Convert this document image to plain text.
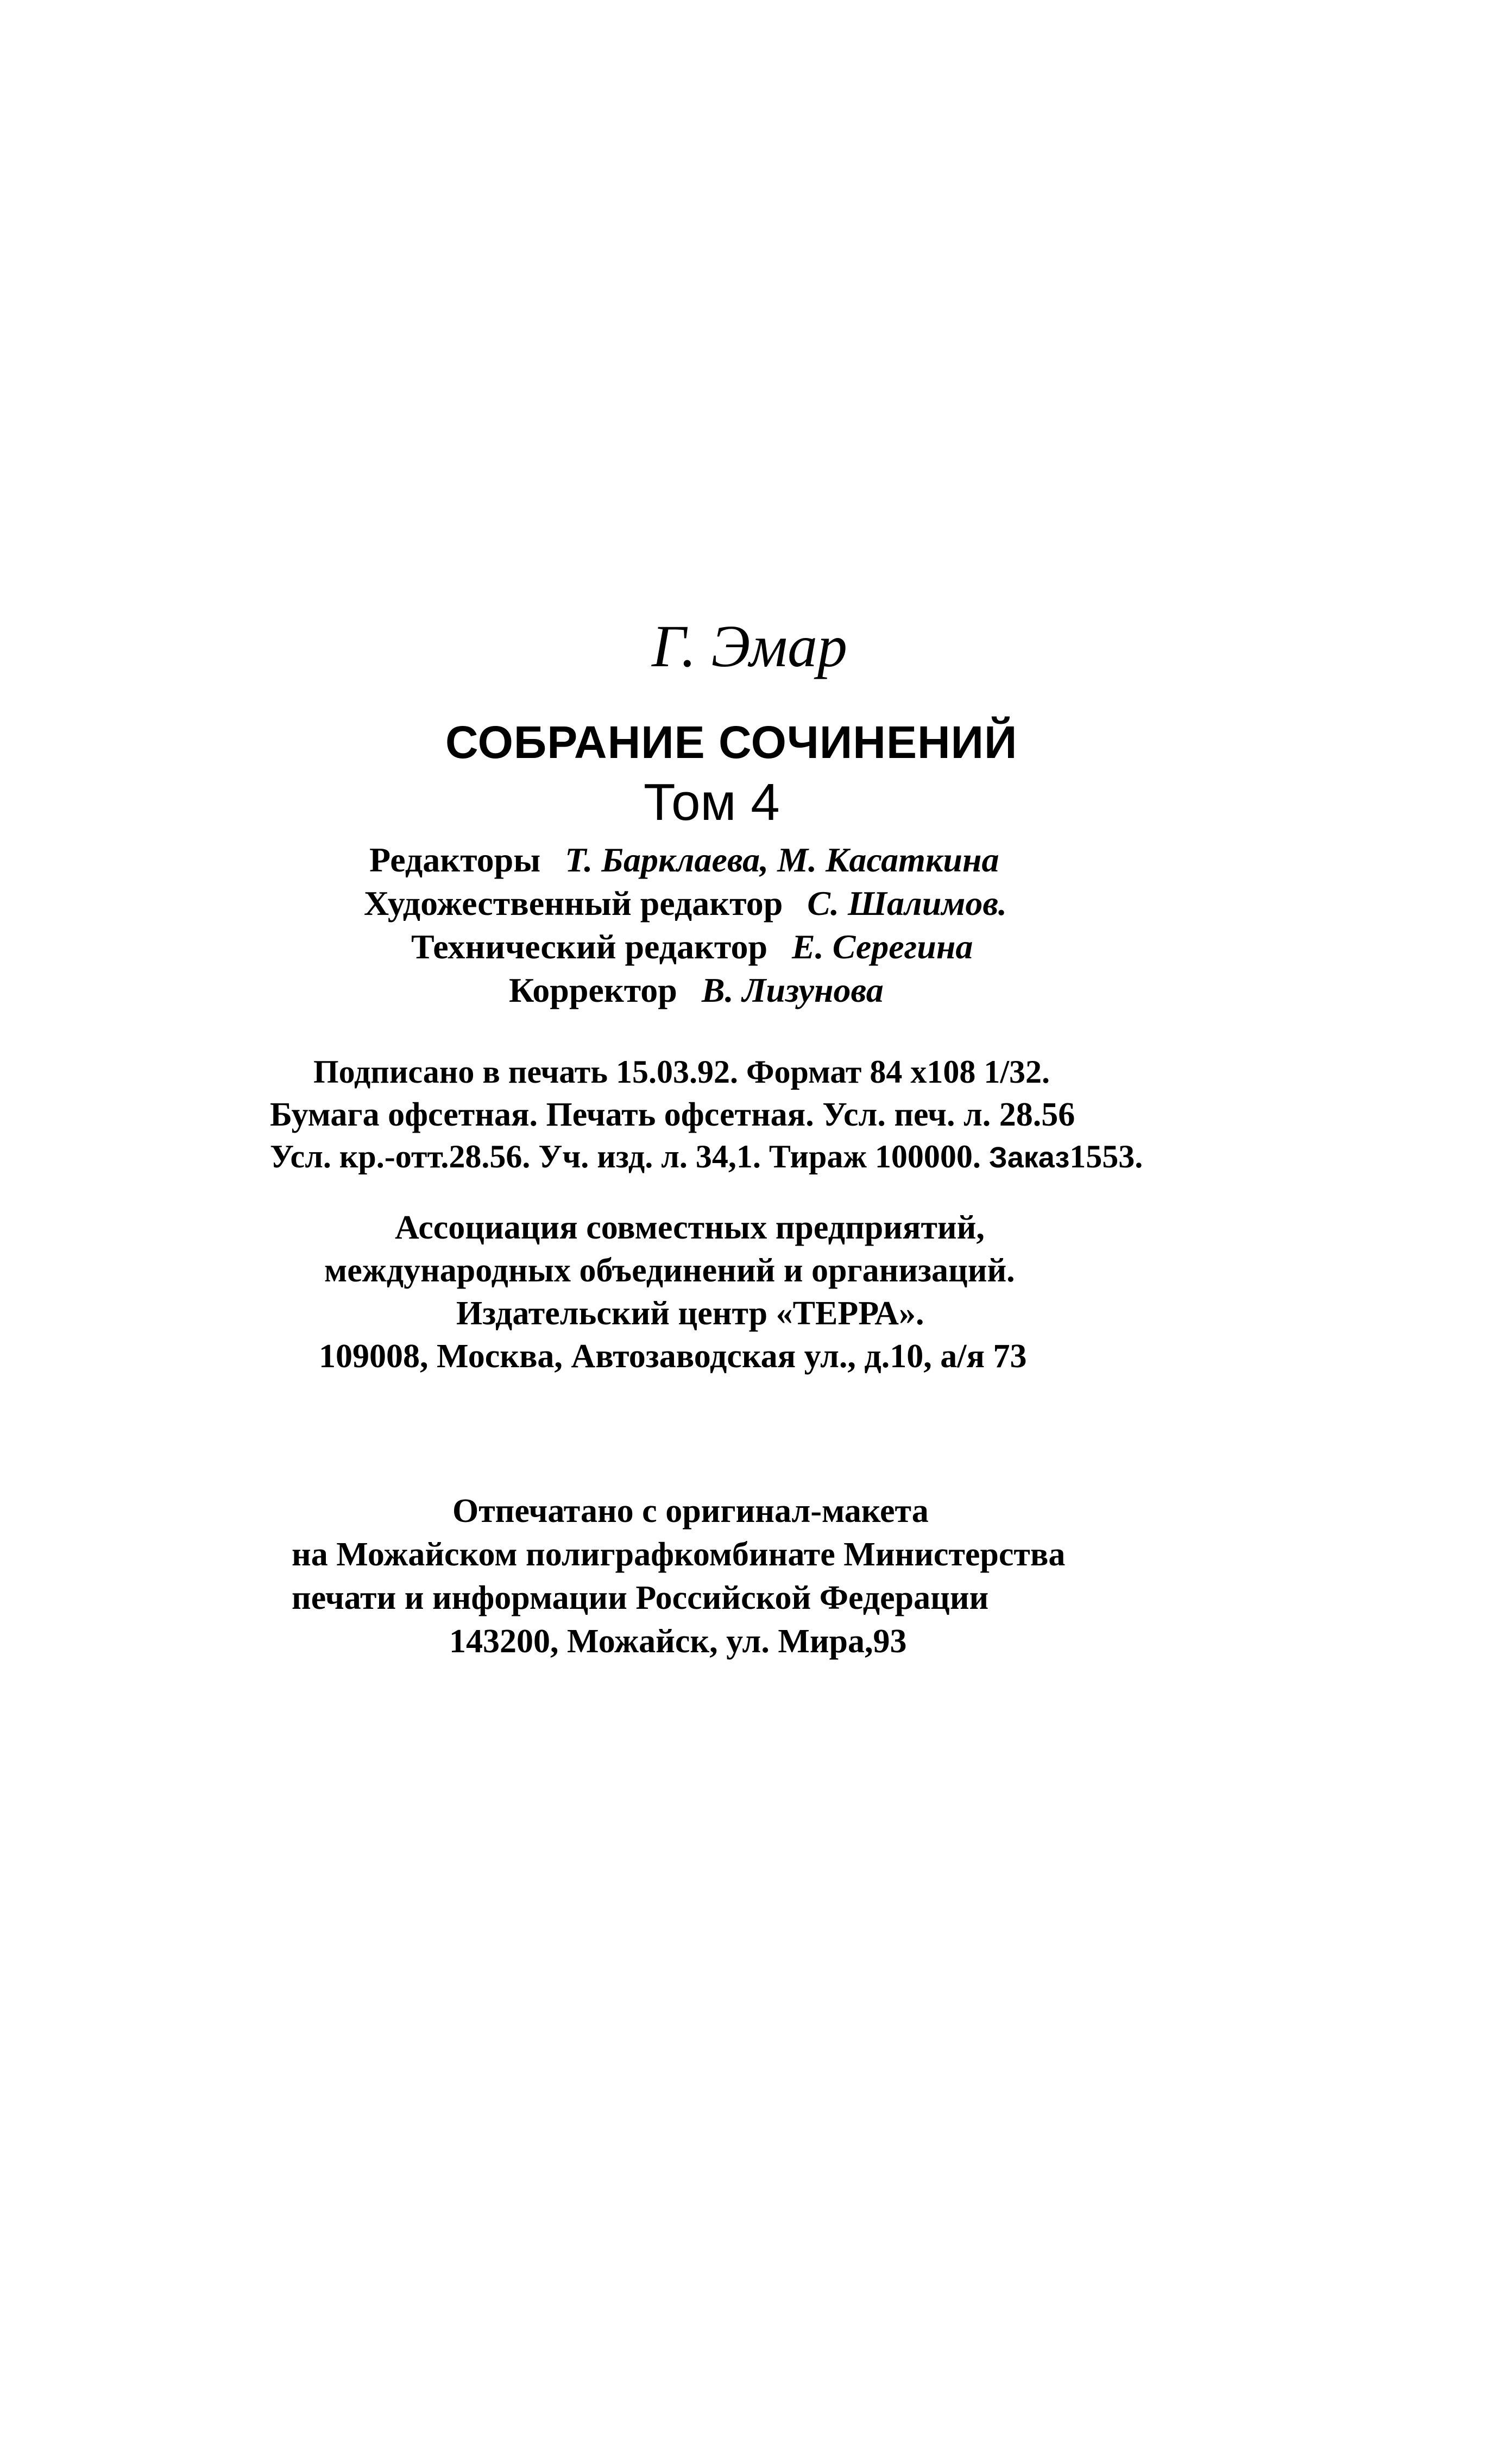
Г. Эмар
СОБРАНИЕ СОЧИНЕНИЙ
Том 4
Редакторы Т. Барклаева, М. Касаткина
Художественный редактор С. Шалимов.
Технический редактор Е. Серегина
Корректор В. Лизунова
Подписано в печать 15.03.92. Формат 84 х108 1/32.
Бумага офсетная. Печать офсетная. Усл. печ. л. 28.56
Усл. кр.-отт.28.56. Уч. изд. л. 34,1. Тираж 100000. Заказ1553.
Ассоциация совместных предприятий,
международных объединений и организаций.
Издательский центр «ТЕРРА».
109008, Москва, Автозаводская ул., д.10, а/я 73
Отпечатано с оригинал-макета
на Можайском полиграфкомбинате Министерства
печати и информации Российской Федерации
143200, Можайск, ул. Мира,93
